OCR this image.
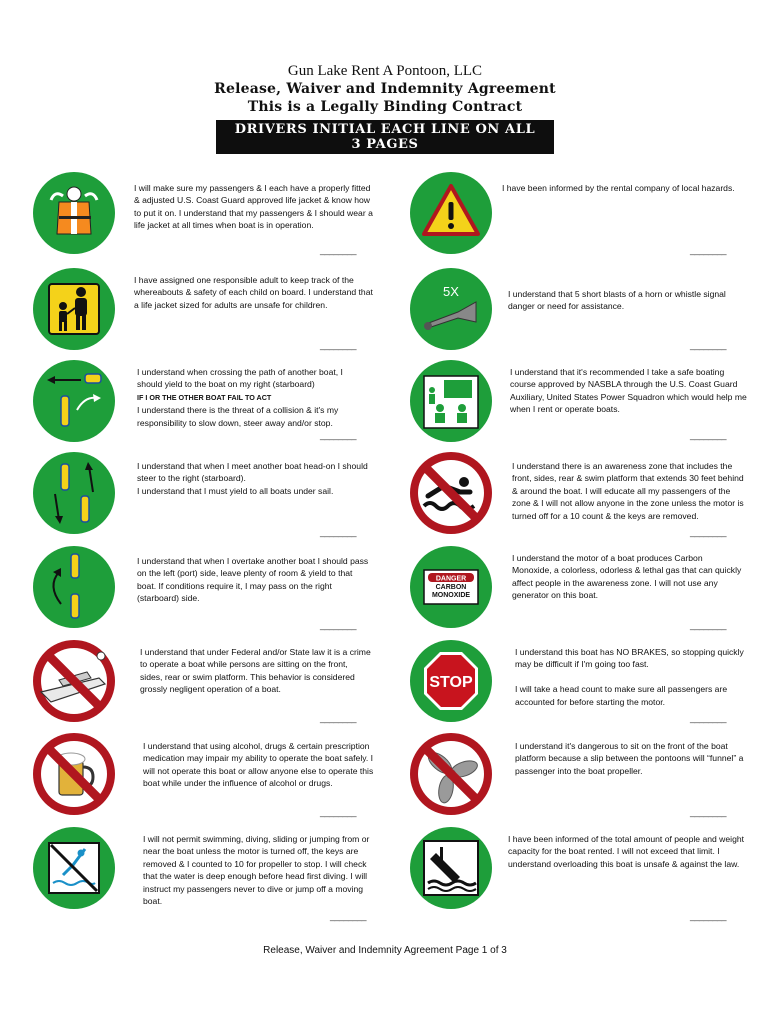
Gun Lake Rent A Pontoon, LLC
Release, Waiver and Indemnity Agreement
This is a Legally Binding Contract
DRIVERS INITIAL EACH LINE ON ALL 3 PAGES
I will make sure my passengers & I each have a properly fitted & adjusted U.S. Coast Guard approved life jacket & know how to put it on. I understand that my passengers & I should wear a life jacket at all times when boat is in operation.
________
I have assigned one responsible adult to keep track of the whereabouts & safety of each child on board. I understand that a life jacket sized for adults are unsafe for children.
________
I understand when crossing the path of another boat, I should yield to the boat on my right (starboard)
IF I OR THE OTHER BOAT FAIL TO ACT
I understand there is the threat of a collision & it's my responsibility to slow down, steer away and/or stop.
________
I understand that when I meet another boat head-on I should steer to the right (starboard).
I understand that I must yield to all boats under sail.
________
I understand that when I overtake another boat I should pass on the left (port) side, leave plenty of room & yield to that boat. If conditions require it, I may pass on the right (starboard) side.
________
I understand that under Federal and/or State law it is a crime to operate a boat while persons are sitting on the front, sides, rear or swim platform. This behavior is considered grossly negligent operation of a boat.
________
I understand that using alcohol, drugs & certain prescription medication may impair my ability to operate the boat safely. I will not operate this boat or allow anyone else to operate this boat while under the influence of alcohol or drugs.
________
I will not permit swimming, diving, sliding or jumping from or near the boat unless the motor is turned off, the keys are removed & I counted to 10 for propeller to stop. I will check that the water is deep enough before head first diving. I will instruct my passengers never to dive or jump off a moving boat.
________
I have been informed by the rental company of local hazards.
________
5X	I understand that 5 short blasts of a horn or whistle signal danger or need for assistance.
________
I understand that it's recommended I take a safe boating course approved by NASBLA through the U.S. Coast Guard Auxiliary, United States Power Squadron which would help me when I rent or operate boats.
________
I understand there is an awareness zone that includes the front, sides, rear & swim platform that extends 30 feet behind & around the boat. I will educate all my passengers of the zone & I will not allow anyone in the zone unless the motor is turned off for a 10 count & the keys are removed.
________
DANGER
CARBON MONOXIDE
I understand the motor of a boat produces Carbon Monoxide, a colorless, odorless & lethal gas that can quickly affect people in the awareness zone. I will not use any generator on this boat.
________
STOP
I understand this boat has NO BRAKES, so stopping quickly may be difficult if I'm going too fast.

I will take a head count to make sure all passengers are accounted for before starting the motor.
________
I understand it's dangerous to sit on the front of the boat platform because a slip between the pontoons will “funnel” a passenger into the boat propeller.
________
I have been informed of the total amount of people and weight capacity for the boat rented. I will not exceed that limit. I understand overloading this boat is unsafe & against the law.
________
Release, Waiver and Indemnity Agreement Page 1 of 3
